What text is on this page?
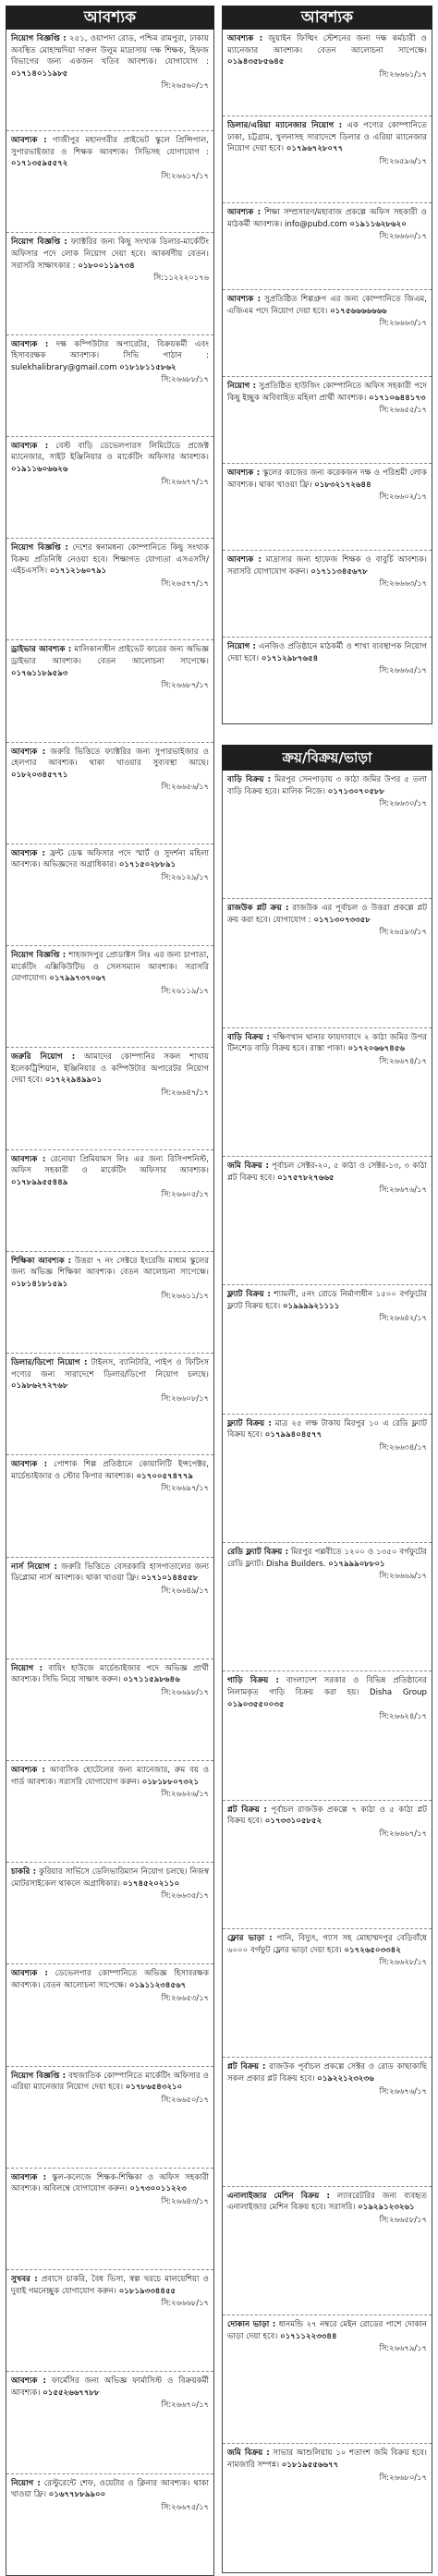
আবশ্যক
নিয়োগ বিজ্ঞপ্তি : ২৫১, ওয়াপদা রোড, পশ্চিম রামপুরা, ঢাকায় অবস্থিত মোহাম্মদিয়া দারুল উলুম মাদ্রাসায় দক্ষ শিক্ষক, হিফজ বিভাগের জন্য একজন খতিব আবশ্যক। যোগাযোগ : ০১৭১৪০১১৯৮৫
সি:২৬৫৬০/১৭
আবশ্যক : গাজীপুর মহানগরীর প্রাইভেট স্কুলে প্রিন্সিপাল, সুপারভাইজার ও শিক্ষক আবশ্যক। সিভিসহ যোগাযোগ : ০১৭১৩৫৯৫৫৭২
সি:২৬৬১৭/১৭
নিয়োগ বিজ্ঞপ্তি : ফ্যাক্টরির জন্য কিছু সংখ্যক ডিলার-মার্কেটিং অফিসার পদে লোক নিয়োগ দেয়া হবে। আকর্ষণীয় বেতন। সরাসরি সাক্ষাৎকার : ০১৮০০১১৯৭৩৪
সি:১১২২২০১৭৬
আবশ্যক : দক্ষ কম্পিউটার অপারেটর, বিক্রয়কর্মী এবং হিসাবরক্ষক আবশ্যক। সিভি পাঠান : sulekhalibrary@gmail.com ০১৮১৮১১৫৮৬২
সি:২৬৬৮৮/১৭
আবশ্যক : বেস্ট বাড়ি ডেভেলপারস লিমিটেডে প্রজেক্ট ম্যানেজার, সাইট ইঞ্জিনিয়ার ও মার্কেটিং অফিসার আবশ্যক। ০১৯১১৬০৬৬২৬
সি:২৬৬৭৭/১৭
নিয়োগ বিজ্ঞপ্তি : দেশের স্বনামধন্য কোম্পানিতে কিছু সংখ্যক বিক্রয় প্রতিনিধি নেওয়া হবে। শিক্ষাগত যোগ্যতা এসএসসি/এইচএসসি। ০১৭১২১৬০৭৯১
সি:২৬৫৭৭/১৭
ড্রাইভার আবশ্যক : মালিকানাধীন প্রাইভেট কারের জন্য অভিজ্ঞ ড্রাইভার আবশ্যক। বেতন আলোচনা সাপেক্ষে। ০১৭৬১১৮৯৫৯৩
সি:২৬৬৮৭/১৭
আবশ্যক : জরুরি ভিত্তিতে ফ্যাক্টরির জন্য সুপারভাইজার ও হেলপার আবশ্যক। থাকা খাওয়ার সুব্যবস্থা আছে। ০১৮২০৩৪৫৭৭১
সি:২৬৬৫৬/১৭
আবশ্যক : ফ্রন্ট ডেস্ক অফিসার পদে স্মার্ট ও সুদর্শনা মহিলা আবশ্যক। অভিজ্ঞদের অগ্রাধিকার। ০১৭১৫০২৮৮৯১
সি:২৬১২৯/১৭
নিয়োগ বিজ্ঞপ্তি : শাহজাদপুর প্রোডাক্টস লিঃ এর জন্য চাপাতা, মার্কেটিং এক্সিকিউটিভ ও সেলসম্যান আবশ্যক। সরাসরি যোগাযোগ। ০১৭৯৯৭৩৭০৬৭
সি:২৬১১৯/১৭
জরুরি নিয়োগ : আমাদের কোম্পানির সকল শাখায় ইলেকট্রিশিয়ান, ইঞ্জিনিয়ার ও কম্পিউটার অপারেটর নিয়োগ দেয়া হবে। ০১৭২২৯৪৯৯০১
সি:২৬৬৪৭/১৭
আবশ্যক : রেনোয়া প্রিমিয়ামস লিঃ এর জন্য রিসিপশনিস্ট, অফিস সহকারী ও মার্কেটিং অফিসার আবশ্যক। ০১৭৮৯৯৫৫৪৪৯
সি:২৬৬০৫/১৭
শিক্ষিকা আবশ্যক : উত্তরা ৭ নং সেক্টরে ইংরেজি মাধ্যম স্কুলের জন্য অভিজ্ঞ শিক্ষিকা আবশ্যক। বেতন আলোচনা সাপেক্ষে। ০১৮১৪১৮১৫৯১
সি:২৬৬১১/১৭
ডিলার/ডিপো নিয়োগ : টাইলস, ব্যানিটারি, পাইপ ও ফিটিংস পণ্যের জন্য সারাদেশে ডিলার/ডিপো নিয়োগ চলছে। ০১৯৮৬২৭২৭৬৮
সি:২৬৬০৮/১৭
আবশ্যক : পোশাক শিল্প প্রতিষ্ঠানে কোয়ালিটি ইন্সপেক্টর, মার্চেন্ডাইজার ও স্টোর কিপার আবশ্যক। ০১৭০০৫৭৪৭৭৯
সি:২৬৬৯৭/১৭
নার্স নিয়োগ : জরুরি ভিত্তিতে বেসরকারি হাসপাতালের জন্য ডিপ্লোমা নার্স আবশ্যক। থাকা খাওয়া ফ্রি। ০১৭১০১৪৪৫৫৮
সি:২৬৬৪৯/১৭
নিয়োগ : বায়িং হাউজে মার্চেন্ডাইজার পদে অভিজ্ঞ প্রার্থী আবশ্যক। সিভি নিয়ে সাক্ষাৎ করুন। ০১৭১১৫৯৮৬৪৬
সি:২৬৬৯৮/১৭
আবশ্যক : আবাসিক হোটেলের জন্য ম্যানেজার, রুম বয় ও গার্ড আবশ্যক। সরাসরি যোগাযোগ করুন। ০১৮১৮৮০৭৩২১
সি:২৬৬২৬/১৭
চাকরি : কুরিয়ার সার্ভিসে ডেলিভারিম্যান নিয়োগ চলছে। নিজস্ব মোটরসাইকেল থাকলে অগ্রাধিকার। ০১৭৪৫২০২১১০
সি:২৬৬৩৫/১৭
আবশ্যক : ডেভেলপার কোম্পানিতে অভিজ্ঞ হিসাবরক্ষক আবশ্যক। বেতন আলোচনা সাপেক্ষে। ০১৯১১২৩৪৫৬৭
সি:২৬৬৫৩/১৭
নিয়োগ বিজ্ঞপ্তি : বহুজাতিক কোম্পানিতে মার্কেটিং অফিসার ও এরিয়া ম্যানেজার নিয়োগ দেয়া হবে। ০১৭৮৬৫৪৩২১০
সি:২৬৬৫০/১৭
আবশ্যক : স্কুল-কলেজে শিক্ষক-শিক্ষিকা ও অফিস সহকারী আবশ্যক। অবিলম্বে যোগাযোগ করুন। ০১৭৩০০১১২২৩
সি:২৬৬৪৩/১৭
সুখবর : প্রবাসে চাকরি, বৈধ ভিসা, স্বল্প খরচে মালয়েশিয়া ও দুবাই গমনেচ্ছুক যোগাযোগ করুন। ০১৮১৯৩৩৪৪৫৫
সি:২৬৬৬৮/১৭
আবশ্যক : ফার্মেসির জন্য অভিজ্ঞ ফার্মাসিস্ট ও বিক্রয়কর্মী আবশ্যক। ০১৫৫২৬৬৭৭৮৮
সি:২৬৬৭০/১৭
নিয়োগ : রেস্টুরেন্টে শেফ, ওয়েটার ও ক্লিনার আবশ্যক। থাকা খাওয়া ফ্রি। ০১৬৭৭৮৮৯৯০০
সি:২৬৬৭৫/১৭
আবশ্যক
আবশ্যক : জুয়াইন ফিল্মিং স্টেশনের জন্য দক্ষ কর্মচারী ও ম্যানেজার আবশ্যক। বেতন আলোচনা সাপেক্ষে। ০১৯৪৩৫৮৫৬৪৫
সি:২৬৬৬১/১৭
ডিলার/এরিয়া ম্যানেজার নিয়োগ : এক পণ্যের কোম্পানিতে ঢাকা, চট্টগ্রাম, খুলনাসহ সারাদেশে ডিলার ও এরিয়া ম্যানেজার নিয়োগ দেয়া হবে। ০১৭৯৬৭২৮০৭৭
সি:২৬৫৯৬/১৭
আবশ্যক : শিক্ষা সম্প্রসারণ/মহাবাজ প্রকল্পে অফিস সহকারী ও মাঠকর্মী আবশ্যক। info@pubd.com ০১৯১১৬২৮৬২০
সি:২৬৬৬০/১৭
আবশ্যক : সুপ্রতিষ্ঠিত শিল্পগ্রুপ এর জন্য কোম্পানিতে জিএম, এজিএম পদে নিয়োগ দেয়া হবে। ০১৭৫৬৬৬৬৬৬৬
সি:২৬৬৬৩/১৭
নিয়োগ : সুপ্রতিষ্ঠিত হাউজিং কোম্পানিতে অফিস সহকারী পদে কিছু ইচ্ছুক অবিবাহিত মহিলা প্রার্থী আবশ্যক। ০১৭১০৬৪৪১৭৩
সি:২৬৬৫৫/১৭
আবশ্যক : স্কুলের কাজের জন্য করেকজন দক্ষ ও পরিশ্রমী লোক আবশ্যক। থাকা খাওয়া ফ্রি। ০১৮৩২১৭২৬৪৪
সি:২৬৬০২/১৭
আবশ্যক : মাদ্রাসার জন্য হাফেজ শিক্ষক ও বাবুর্চি আবশ্যক। সরাসরি যোগাযোগ করুন। ০১৭১১৩৪৫৬৭৮
সি:২৬৬৬৩/১৭
নিয়োগ : এনজিও প্রতিষ্ঠানে মাঠকর্মী ও শাখা ব্যবস্থাপক নিয়োগ দেয়া হবে। ০১৭১২৯৮৭৬৫৪
সি:২৬৬৬৫/১৭
ক্রয়/বিক্রয়/ভাড়া
বাড়ি বিক্রয় : মিরপুর সেনপাড়ায় ৩ কাঠা জমির উপর ৫ তলা বাড়ি বিক্রয় হবে। মালিক নিজে। ০১৭১৩০৭০৫৮৮
সি:২৬৬৩০/১৭
রাজউক প্লট ক্রয় : রাজউক এর পূর্বাচল ও উত্তরা প্রকল্পে প্লট ক্রয় করা হবে। যোগাযোগ : ০১৭১৩০৭৩৩৫৮
সি:২৬৫৯৩/১৭
বাড়ি বিক্রয় : দক্ষিণখান থানার ফায়দাবাদে ২ কাঠা জমির উপর টিনশেড বাড়ি বিক্রয় হবে। রাস্তা পাকা। ০১৭২০৬৬৭৪৫৬
সি:২৬৬৭৪/১৭
জমি বিক্রয় : পূর্বাচল সেক্টর-২০, ৫ কাঠা ও সেক্টর-১৩, ৩ কাঠা প্লট বিক্রয় হবে। ০১৭৫৭৮২৭৬৬৫
সি:২৬৬৭৬/১৭
ফ্ল্যাট বিক্রয় : শ্যামলী, ৫নং রোডে নির্মাণাধীন ১৫০০ বর্গফুটের ফ্ল্যাট বিক্রয় হবে। ০১৯৯৯৯২১১১১
সি:২৬৬৪২/১৭
ফ্ল্যাট বিক্রয় : মাত্র ২৫ লক্ষ টাকায় মিরপুর ১০ এ রেডি ফ্ল্যাট বিক্রয় হবে। ০১৭৯৯৪০৪৫৭৭
সি:২৬৬৩৪/১৭
রেডি ফ্ল্যাট বিক্রয় : মিরপুর পল্লবীতে ১২০০ ও ১৩৫০ বর্গফুটের রেডি ফ্ল্যাট। Disha Builders. ০১৭৯৯৯০৮৮০১
সি:২৬৬৬৯/১৭
গাড়ি বিক্রয় : বাংলাদেশ সরকার ও বিভিন্ন প্রতিষ্ঠানের নিলামকৃত গাড়ি বিক্রয় করা হয়। Disha Group ০১৯০৩৫৫০০৩৫
সি:২৬৬২৪/১৭
প্লট বিক্রয় : পূর্বাচল রাজউক প্রকল্পে ৭ কাঠা ও ৫ কাঠা প্লট বিক্রয় হবে। ০১৭৩৩১০৫৮৫২
সি:২৬৬৬৭/১৭
ফ্লোর ভাড়া : পানি, বিদ্যুৎ, গ্যাস সহ মোহাম্মদপুর বেড়িবাঁধে ৬০০০ বর্গফুট ফ্লোর ভাড়া দেয়া হবে। ০১৭২৬৫০৩৩৪২
সি:২৬৬২৮/১৭
প্লট বিক্রয় : রাজউক পূর্বাচল প্রকল্পে সেক্টর ও রোড কাছাকাছি সকল প্রকার প্লট বিক্রয় হবে। ০১৯২২১২৩২৩৬
সি:২৬৬৭৬/১৭
এনালাইজার মেশিন বিক্রয় : ল্যাবরেটরির জন্য ব্যবহৃত এনালাইজার মেশিন বিক্রয় হবে। সরাসরি। ০১৯২৯১২৩২৬১
সি:২৬৬৫৮/১৭
দোকান ভাড়া : ধানমন্ডি ২৭ নম্বরে মেইন রোডের পাশে দোকান ভাড়া দেয়া হবে। ০১৭১১২২৩৩৪৪
সি:২৬৬৭৯/১৭
জমি বিক্রয় : সাভার আশুলিয়ায় ১০ শতাংশ জমি বিক্রয় হবে। নামজারি সম্পন্ন। ০১৮১৯৫৫৬৬৭৭
সি:২৬৬৮০/১৭
